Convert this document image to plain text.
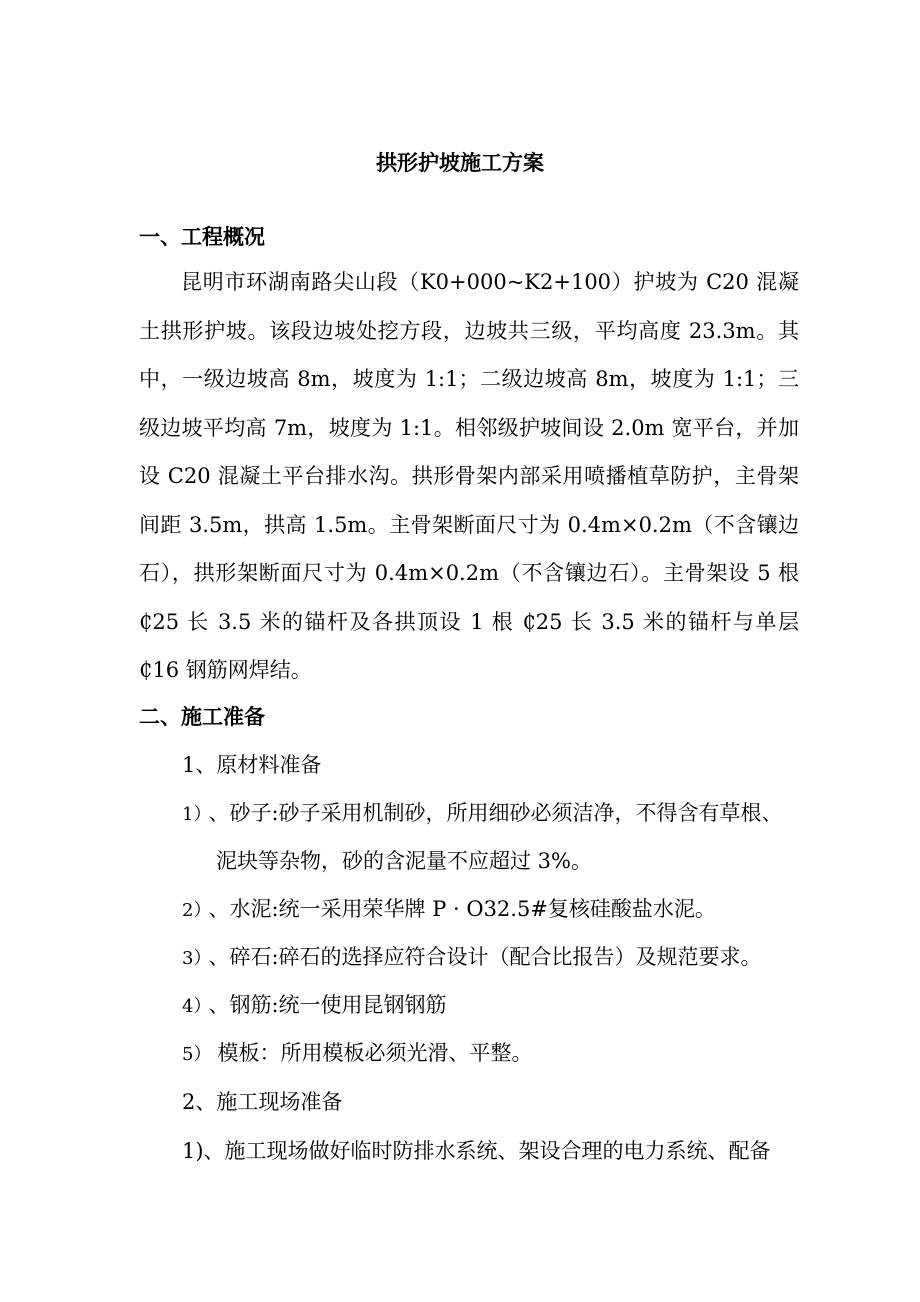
拱形护坡施工方案
一、工程概况
昆明市环湖南路尖山段（K0+000~K2+100）护坡为 C20 混凝土拱形护坡。该段边坡处挖方段，边坡共三级，平均高度 23.3m。其中，一级边坡高 8m，坡度为 1:1；二级边坡高 8m，坡度为 1:1；三级边坡平均高 7m，坡度为 1:1。相邻级护坡间设 2.0m 宽平台，并加设 C20 混凝土平台排水沟。拱形骨架内部采用喷播植草防护，主骨架间距 3.5m，拱高 1.5m。主骨架断面尺寸为 0.4m×0.2m（不含镶边石），拱形架断面尺寸为 0.4m×0.2m（不含镶边石）。主骨架设 5 根 ₵25 长 3.5 米的锚杆及各拱顶设 1 根 ₵25 长 3.5 米的锚杆与单层 ₵16 钢筋网焊结。
二、施工准备
1、原材料准备
1） 、砂子:砂子采用机制砂，所用细砂必须洁净，不得含有草根、
泥块等杂物，砂的含泥量不应超过 3%。
2） 、水泥:统一采用荣华牌 P · O32.5#复核硅酸盐水泥。
3） 、碎石:碎石的选择应符合设计（配合比报告）及规范要求。
4） 、钢筋:统一使用昆钢钢筋
5） 模板：所用模板必须光滑、平整。
2、施工现场准备
1)、施工现场做好临时防排水系统、架设合理的电力系统、配备
